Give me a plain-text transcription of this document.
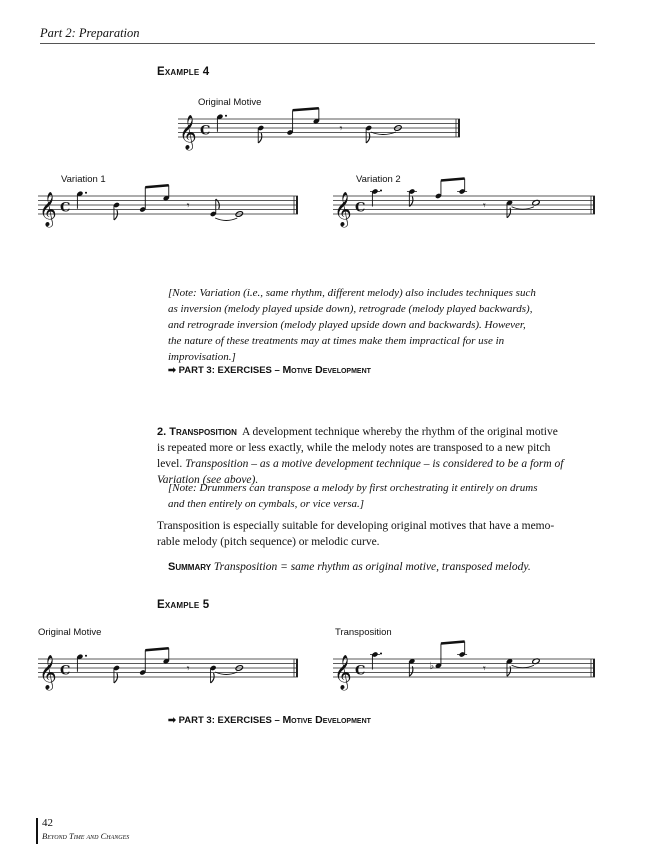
Part 2: Preparation
Example 4
Original Motive
𝄞 C	𝄾
Variation 1
𝄞 C	𝄾
Variation 2
𝄞 C	𝄾
[Note: Variation (i.e., same rhythm, different melody) also includes techniques such
as inversion (melody played upside down), retrograde (melody played backwards),
and retrograde inversion (melody played upside down and backwards). However,
the nature of these treatments may at times make them impractical for use in
improvisation.]
➡ PART 3: EXERCISES – Motive Development
2. Transposition A development technique whereby the rhythm of the original motive
is repeated more or less exactly, while the melody notes are transposed to a new pitch
level. Transposition – as a motive development technique – is considered to be a form of
Variation (see above).
[Note: Drummers can transpose a melody by first orchestrating it entirely on drums
and then entirely on cymbals, or vice versa.]
Transposition is especially suitable for developing original motives that have a memo-
rable melody (pitch sequence) or melodic curve.
Summary Transposition = same rhythm as original motive, transposed melody.
Example 5
Original Motive	Transposition
𝄞 C	𝄾	𝄞 C	♭	𝄾
➡ PART 3: EXERCISES – Motive Development
42
Beyond Time and Changes
